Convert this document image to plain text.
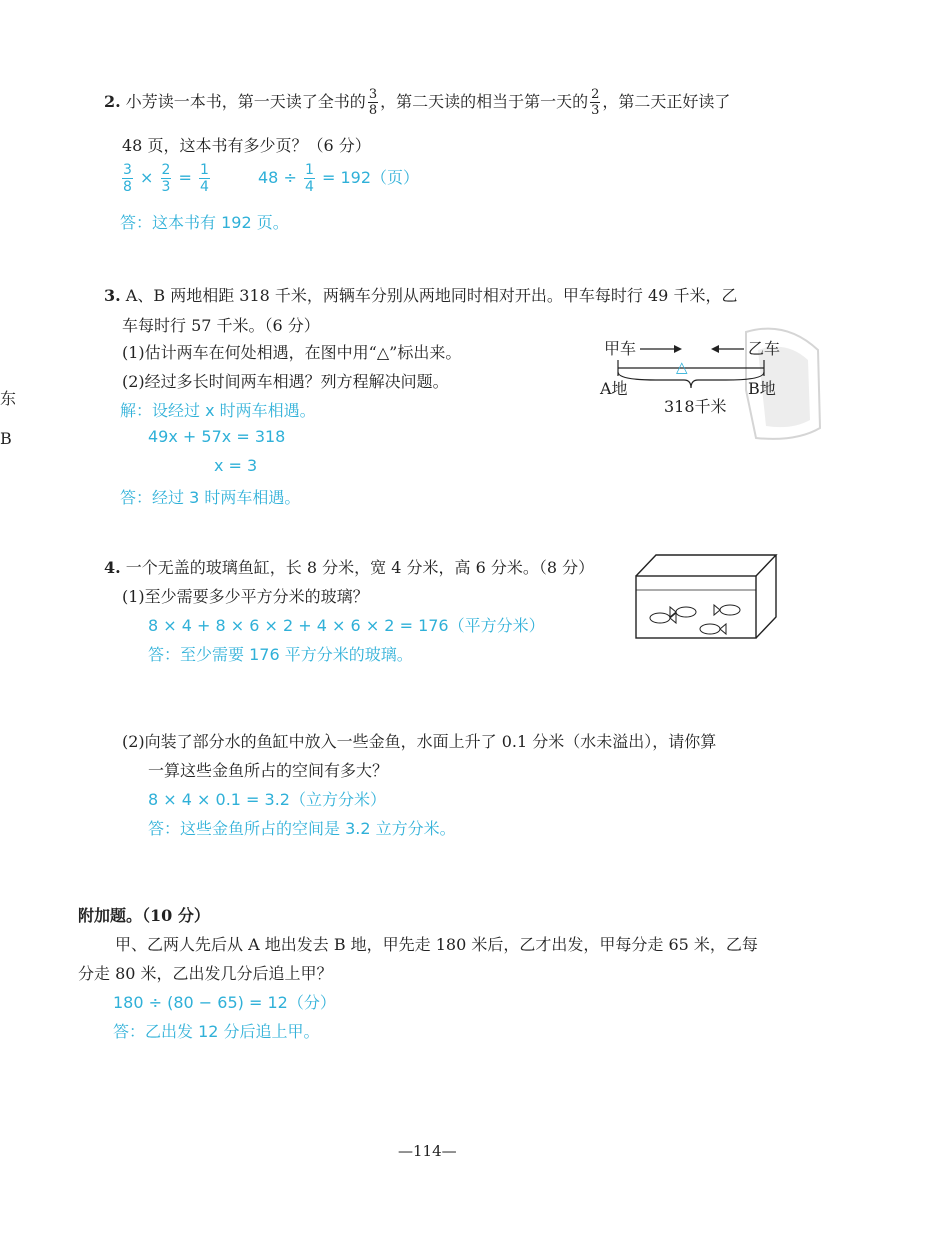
东
B
2. 小芳读一本书，第一天读了全书的 $\frac{3}{8}$ ，第二天读的相当于第一天的 $\frac{2}{3}$ ，第二天正好读了
48 页，这本书有多少页？（6 分）
$\frac{3}{8} \times \frac{2}{3} = \frac{1}{4}$	$48 \div \frac{1}{4} = 192$（页）
答：这本书有 192 页。
3. A、B 两地相距 318 千米，两辆车分别从两地同时相对开出。甲车每时行 49 千米，乙
车每时行 57 千米。（6 分）
(1)估计两车在何处相遇，在图中用“△”标出来。
(2)经过多长时间两车相遇？列方程解决问题。
解：设经过 x 时两车相遇。
49x + 57x = 318
x = 3
答：经过 3 时两车相遇。
甲车	乙车
△
A地	B地
318千米
4. 一个无盖的玻璃鱼缸，长 8 分米，宽 4 分米，高 6 分米。（8 分）
(1)至少需要多少平方分米的玻璃？
8 × 4 + 8 × 6 × 2 + 4 × 6 × 2 = 176（平方分米）
答：至少需要 176 平方分米的玻璃。
(2)向装了部分水的鱼缸中放入一些金鱼，水面上升了 0.1 分米（水未溢出），请你算
一算这些金鱼所占的空间有多大？
8 × 4 × 0.1 = 3.2（立方分米）
答：这些金鱼所占的空间是 3.2 立方分米。
附加题。（10 分）
甲、乙两人先后从 A 地出发去 B 地，甲先走 180 米后，乙才出发，甲每分走 65 米，乙每
分走 80 米，乙出发几分后追上甲？
180 ÷ (80 − 65) = 12（分）
答：乙出发 12 分后追上甲。
—114—
